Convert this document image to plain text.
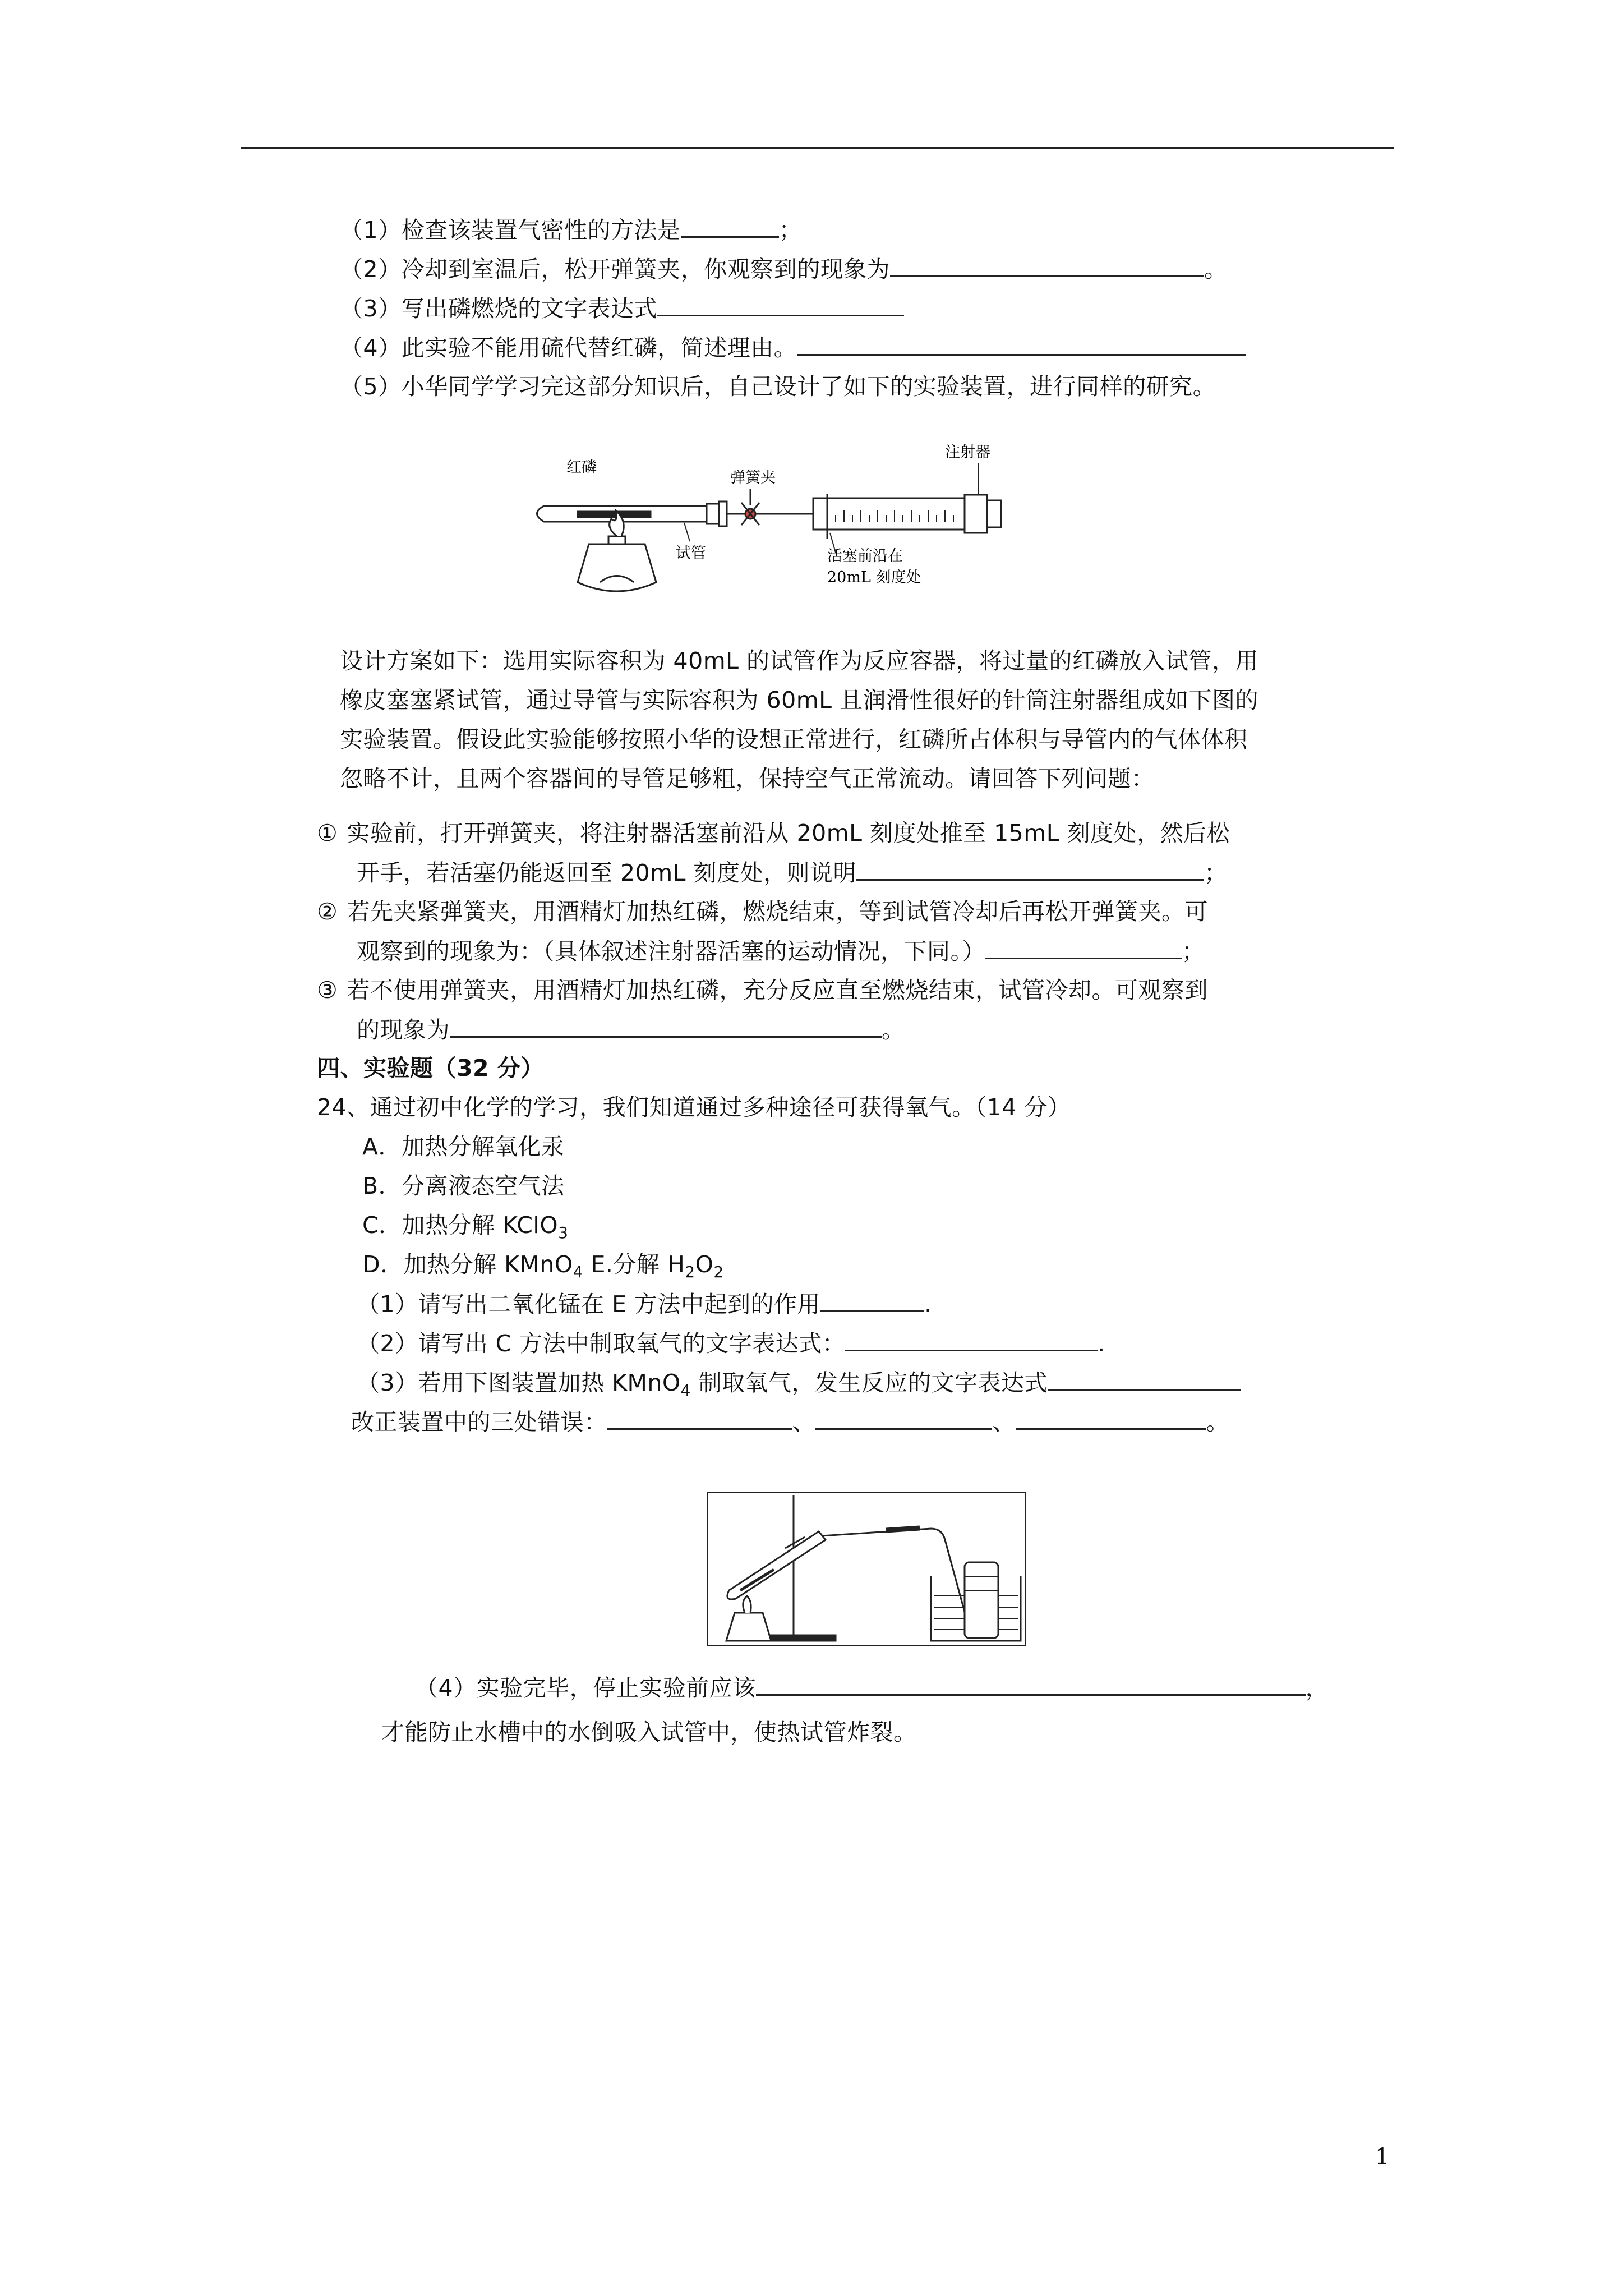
（1）检查该装置气密性的方法是	；
（2）冷却到室温后，松开弹簧夹，你观察到的现象为	。
（3）写出磷燃烧的文字表达式
（4）此实验不能用硫代替红磷，简述理由。
（5）小华同学学习完这部分知识后，自己设计了如下的实验装置，进行同样的研究。
红磷
弹簧夹
注射器
试管	活塞前沿在
20mL 刻度处
设计方案如下：选用实际容积为 40mL 的试管作为反应容器，将过量的红磷放入试管，用
橡皮塞塞紧试管，通过导管与实际容积为 60mL 且润滑性很好的针筒注射器组成如下图的
实验装置。假设此实验能够按照小华的设想正常进行，红磷所占体积与导管内的气体体积
忽略不计，且两个容器间的导管足够粗，保持空气正常流动。请回答下列问题：
① 实验前，打开弹簧夹，将注射器活塞前沿从 20mL 刻度处推至 15mL 刻度处，然后松
开手，若活塞仍能返回至 20mL 刻度处，则说明	；
② 若先夹紧弹簧夹，用酒精灯加热红磷，燃烧结束，等到试管冷却后再松开弹簧夹。可
观察到的现象为：（具体叙述注射器活塞的运动情况，下同。）	；
③ 若不使用弹簧夹，用酒精灯加热红磷，充分反应直至燃烧结束，试管冷却。可观察到
的现象为	。
四、实验题（32 分）
24、通过初中化学的学习，我们知道通过多种途径可获得氧气。（14 分）
A．加热分解氧化汞
B．分离液态空气法
C．加热分解 KClO$_3$
D．加热分解 KMnO$_4$ E.分解 $H_2O_2$
（1）请写出二氧化锰在 E 方法中起到的作用	.
（2）请写出 C 方法中制取氧气的文字表达式：	.
（3）若用下图装置加热 KMnO$_4$ 制取氧气，发生反应的文字表达式
改正装置中的三处错误：	、	、	。
（4）实验完毕，停止实验前应该	，
才能防止水槽中的水倒吸入试管中，使热试管炸裂。
1
